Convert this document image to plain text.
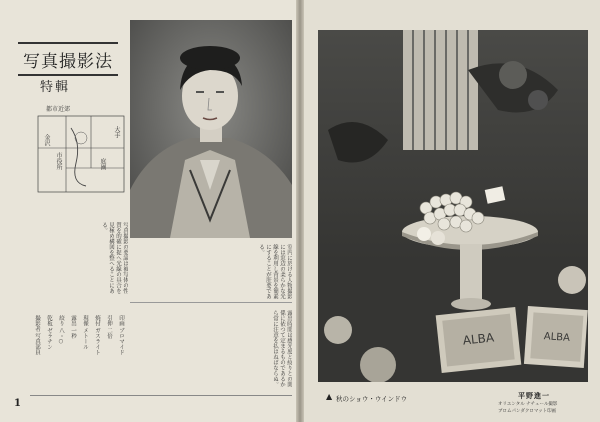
写真撮影法
特輯
都市近郊
大手
金沢
市役所	庭園
写真撮影の要諦は被写体の性質を的確に捉へ光線の具合を見極め構図を整へることにある。
室内に於ける人物撮影には窓辺の柔らかな光線を利用し背景を簡素にすることが肝要である。
露出時間は感光度と絞りとの関係に依つて定まるものであるから常に注意を払はねばならぬ。
撮影者 写真部員 乾板 ゼラチン 絞り 八・○ 露出 一秒 現像 メトール 焼付 ガスライト 引伸 二倍 印画 ブロマイド
1
ALBA	ALBA
▲ 秋のショウ・ウインドウ	平野進一
オリエンタル ナチュール撮影
ブロムパンダクロマット印画
